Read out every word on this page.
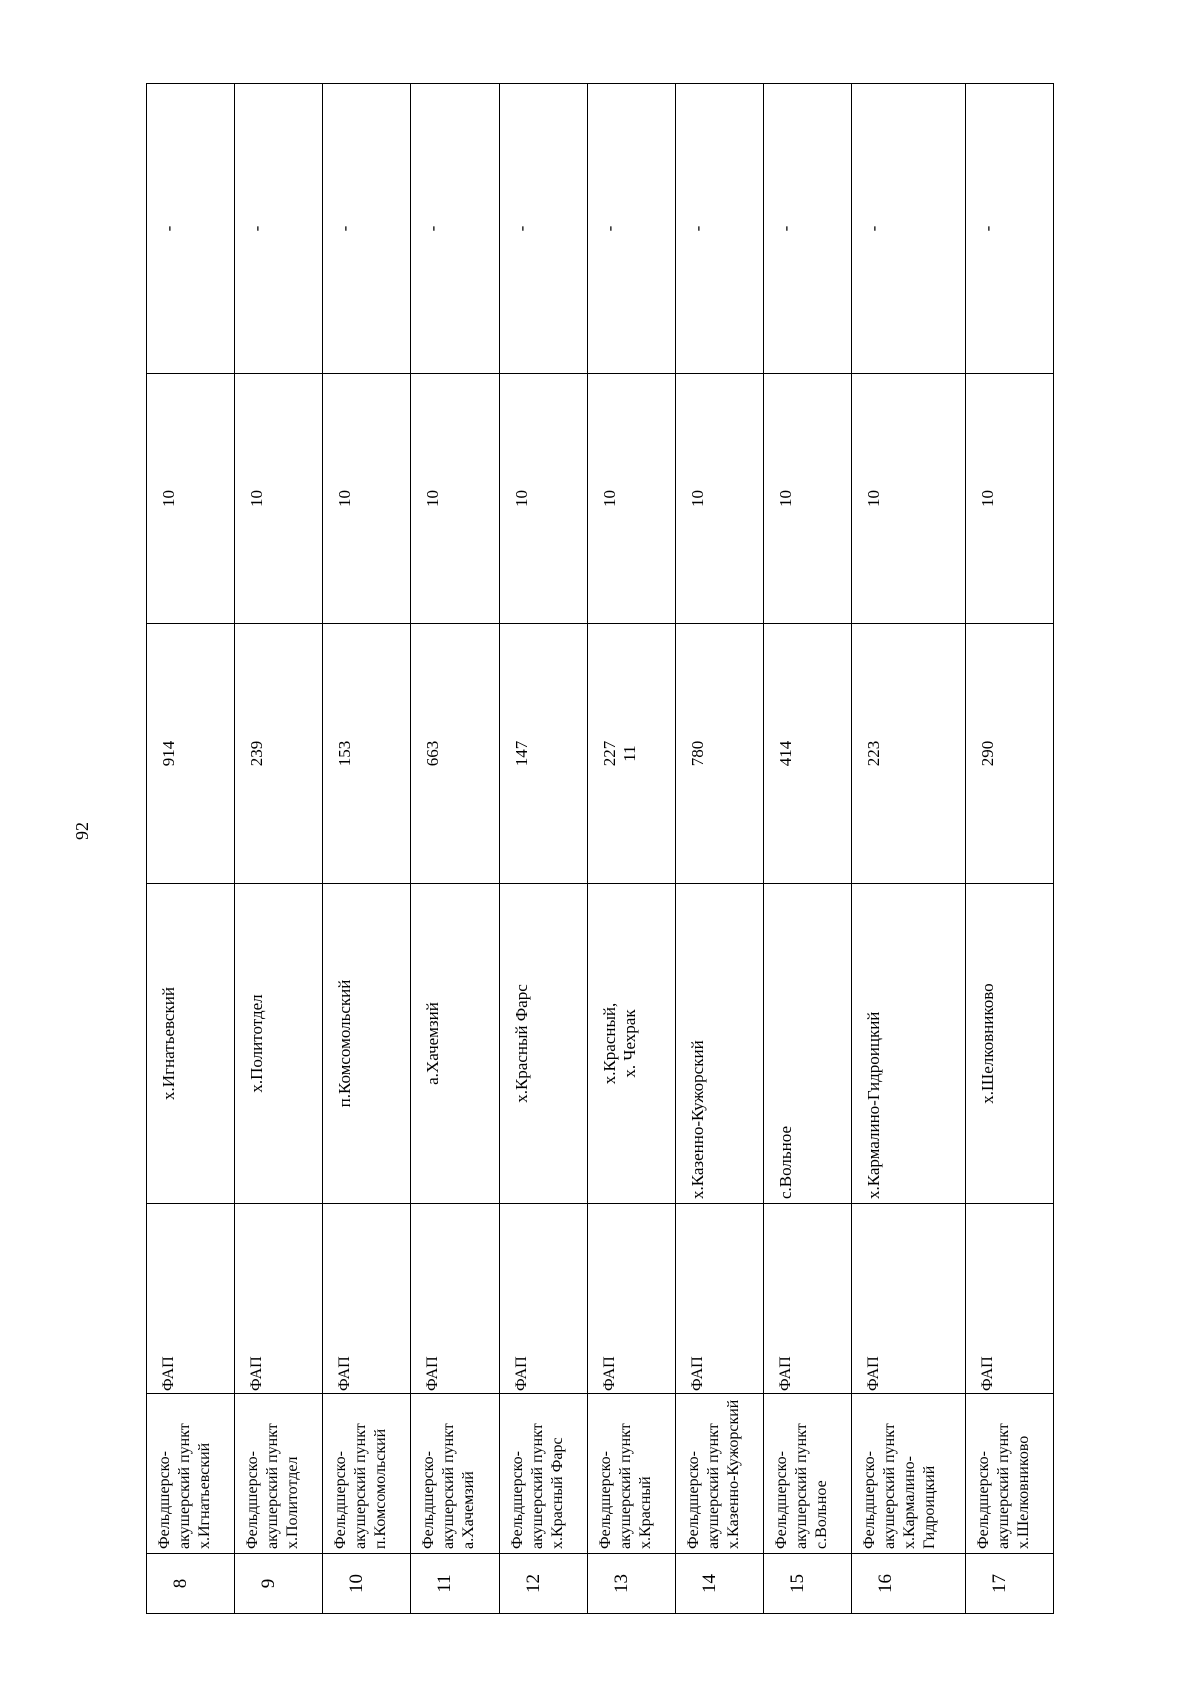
92
8	Фельдшерско-акушерский пункт х.Игнатьевский	ФАП	х.Игнатьевский	914	10	-
9	Фельдшерско-акушерский пункт х.Политотдел	ФАП	х.Политотдел	239	10	-
10	Фельдшерско-акушерский пункт п.Комсомольский	ФАП	п.Комсомольский	153	10	-
11	Фельдшерско-акушерский пункт а.Хачемзий	ФАП	а.Хачемзий	663	10	-
12	Фельдшерско-акушерский пункт х.Красный Фарс	ФАП	х.Красный Фарс	147	10	-
13	Фельдшерско-акушерский пункт х.Красный	ФАП	х.Красный, х. Чехрак	227 11	10	-
14	Фельдшерско-акушерский пункт х.Казенно-Кужорский	ФАП	х.Казенно-Кужорский	780	10	-
15	Фельдшерско-акушерский пункт с.Вольное	ФАП	с.Вольное	414	10	-
16	Фельдшерско-акушерский пункт х.Кармалино-Гидроицкий	ФАП	х.Кармалино-Гидроицкий	223	10	-
17	Фельдшерско-акушерский пункт х.Шелковниково	ФАП	х.Шелковниково	290	10	-
